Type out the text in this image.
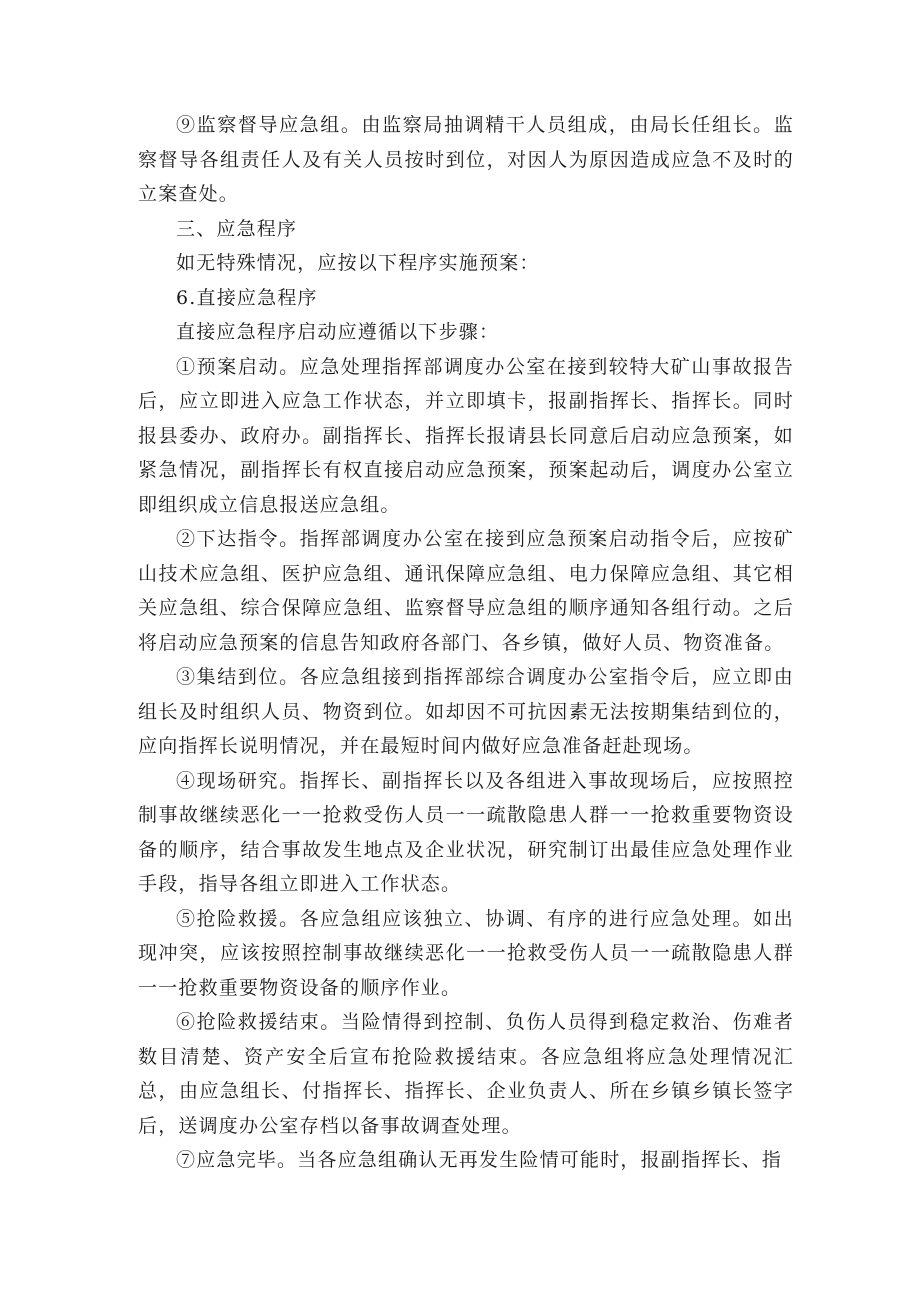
⑨监察督导应急组。由监察局抽调精干人员组成，由局长任组长。监察督导各组责任人及有关人员按时到位，对因人为原因造成应急不及时的立案查处。

三、应急程序

如无特殊情况，应按以下程序实施预案：

6.直接应急程序

直接应急程序启动应遵循以下步骤：

①预案启动。应急处理指挥部调度办公室在接到较特大矿山事故报告后，应立即进入应急工作状态，并立即填卡，报副指挥长、指挥长。同时报县委办、政府办。副指挥长、指挥长报请县长同意后启动应急预案，如紧急情况，副指挥长有权直接启动应急预案，预案起动后，调度办公室立即组织成立信息报送应急组。

②下达指令。指挥部调度办公室在接到应急预案启动指令后，应按矿山技术应急组、医护应急组、通讯保障应急组、电力保障应急组、其它相关应急组、综合保障应急组、监察督导应急组的顺序通知各组行动。之后将启动应急预案的信息告知政府各部门、各乡镇，做好人员、物资准备。

③集结到位。各应急组接到指挥部综合调度办公室指令后，应立即由组长及时组织人员、物资到位。如却因不可抗因素无法按期集结到位的，应向指挥长说明情况，并在最短时间内做好应急准备赶赴现场。

④现场研究。指挥长、副指挥长以及各组进入事故现场后，应按照控制事故继续恶化一一抢救受伤人员一一疏散隐患人群一一抢救重要物资设备的顺序，结合事故发生地点及企业状况，研究制订出最佳应急处理作业手段，指导各组立即进入工作状态。

⑤抢险救援。各应急组应该独立、协调、有序的进行应急处理。如出现冲突，应该按照控制事故继续恶化一一抢救受伤人员一一疏散隐患人群一一抢救重要物资设备的顺序作业。

⑥抢险救援结束。当险情得到控制、负伤人员得到稳定救治、伤难者数目清楚、资产安全后宣布抢险救援结束。各应急组将应急处理情况汇总，由应急组长、付指挥长、指挥长、企业负责人、所在乡镇乡镇长签字后，送调度办公室存档以备事故调查处理。

⑦应急完毕。当各应急组确认无再发生险情可能时，报副指挥长、指
